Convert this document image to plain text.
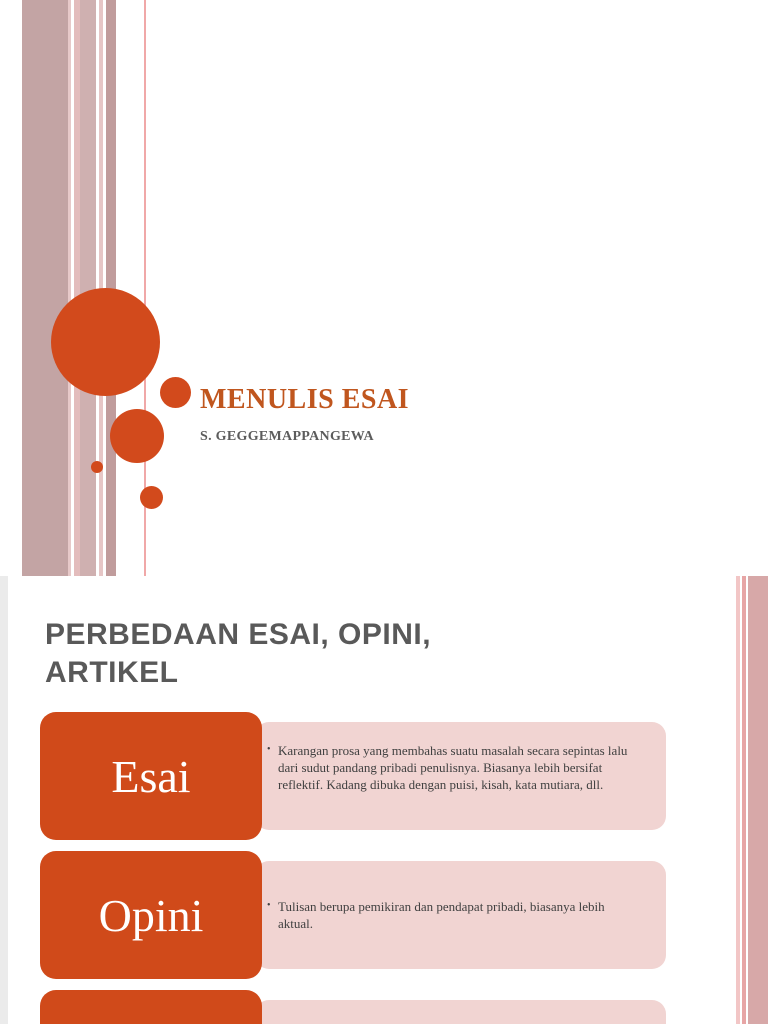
MENULIS ESAI
S. GEGGEMAPPANGEWA
PERBEDAAN ESAI, OPINI, ARTIKEL
• Karangan prosa yang membahas suatu masalah secara sepintas lalu dari sudut pandang pribadi penulisnya. Biasanya lebih bersifat reflektif. Kadang dibuka dengan puisi, kisah, kata mutiara, dll.
Esai
• Tulisan berupa pemikiran dan pendapat pribadi, biasanya lebih aktual.
Opini
